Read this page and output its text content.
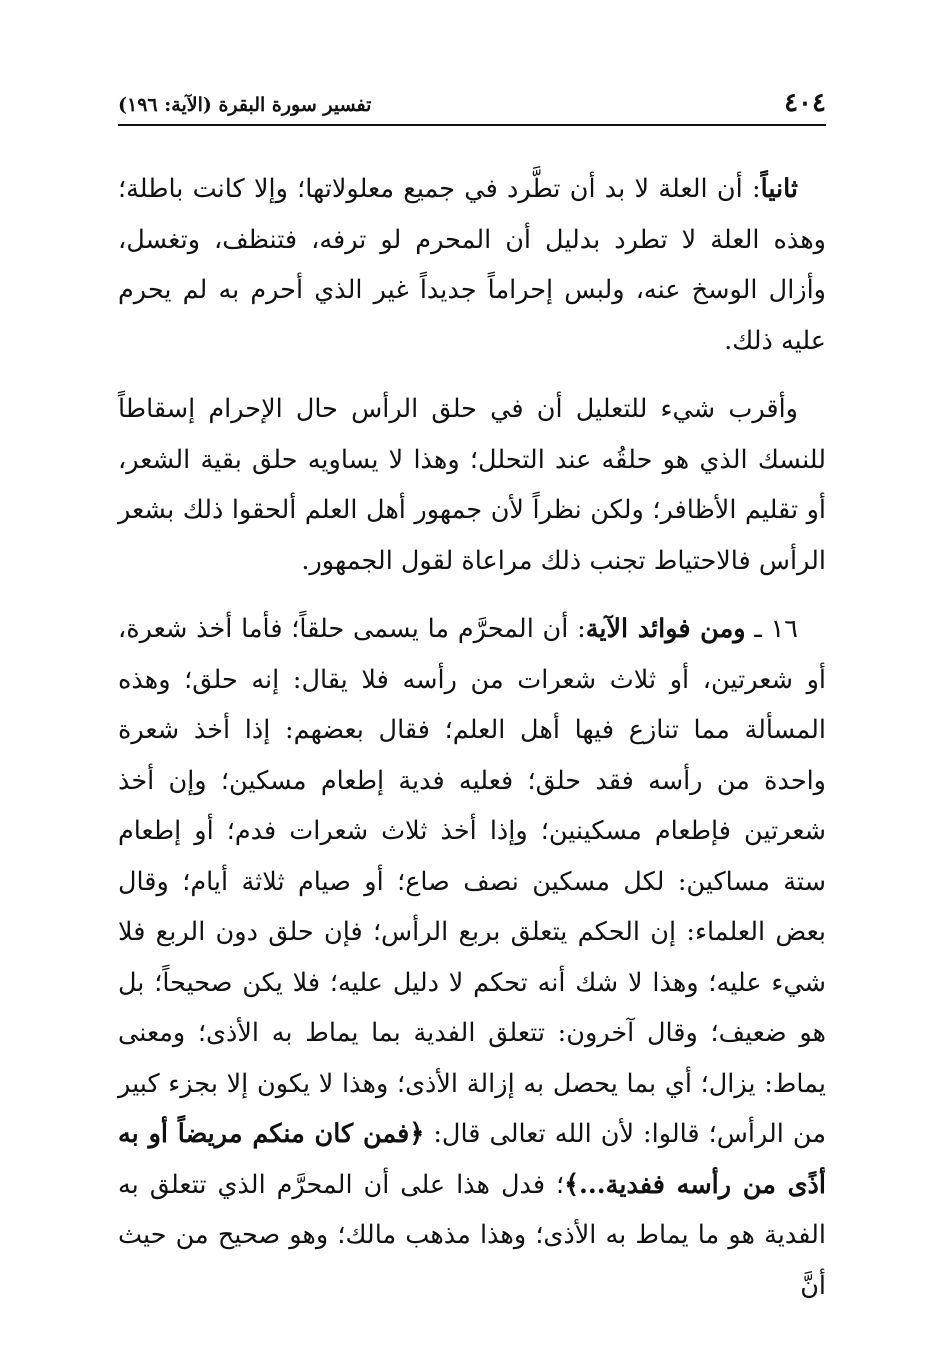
٤٠٤
تفسير سورة البقرة (الآية: ١٩٦)

ثانياً: أن العلة لا بد أن تطَّرد في جميع معلولاتها؛ وإلا كانت باطلة؛ وهذه العلة لا تطرد بدليل أن المحرم لو ترفه، فتنظف، وتغسل، وأزال الوسخ عنه، ولبس إحراماً جديداً غير الذي أحرم به لم يحرم عليه ذلك.

وأقرب شيء للتعليل أن في حلق الرأس حال الإحرام إسقاطاً للنسك الذي هو حلقُه عند التحلل؛ وهذا لا يساويه حلق بقية الشعر، أو تقليم الأظافر؛ ولكن نظراً لأن جمهور أهل العلم ألحقوا ذلك بشعر الرأس فالاحتياط تجنب ذلك مراعاة لقول الجمهور.

١٦ ـ ومن فوائد الآية: أن المحرَّم ما يسمى حلقاً؛ فأما أخذ شعرة، أو شعرتين، أو ثلاث شعرات من رأسه فلا يقال: إنه حلق؛ وهذه المسألة مما تنازع فيها أهل العلم؛ فقال بعضهم: إذا أخذ شعرة واحدة من رأسه فقد حلق؛ فعليه فدية إطعام مسكين؛ وإن أخذ شعرتين فإطعام مسكينين؛ وإذا أخذ ثلاث شعرات فدم؛ أو إطعام ستة مساكين: لكل مسكين نصف صاع؛ أو صيام ثلاثة أيام؛ وقال بعض العلماء: إن الحكم يتعلق بربع الرأس؛ فإن حلق دون الربع فلا شيء عليه؛ وهذا لا شك أنه تحكم لا دليل عليه؛ فلا يكن صحيحاً؛ بل هو ضعيف؛ وقال آخرون: تتعلق الفدية بما يماط به الأذى؛ ومعنى يماط: يزال؛ أي بما يحصل به إزالة الأذى؛ وهذا لا يكون إلا بجزء كبير من الرأس؛ قالوا: لأن الله تعالى قال: ﴿فمن كان منكم مريضاً أو به أذًى من رأسه ففدية...﴾؛ فدل هذا على أن المحرَّم الذي تتعلق به الفدية هو ما يماط به الأذى؛ وهذا مذهب مالك؛ وهو صحيح من حيث أنَّ
